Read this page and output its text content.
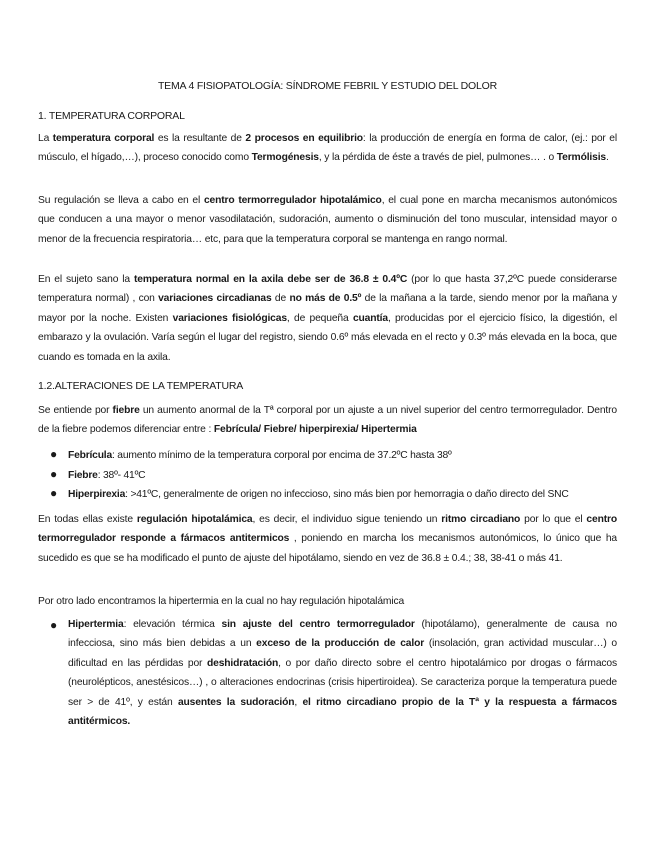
TEMA 4 FISIOPATOLOGÍA: SÍNDROME FEBRIL Y ESTUDIO DEL DOLOR

1. TEMPERATURA CORPORAL

La temperatura corporal es la resultante de 2 procesos en equilibrio: la producción de energía en forma de calor, (ej.: por el músculo, el hígado,…), proceso conocido como Termogénesis, y la pérdida de éste a través de piel, pulmones… . o Termólisis.

Su regulación se lleva a cabo en el centro termorregulador hipotalámico, el cual pone en marcha mecanismos autonómicos que conducen a una mayor o menor vasodilatación, sudoración, aumento o disminución del tono muscular, intensidad mayor o menor de la frecuencia respiratoria… etc, para que la temperatura corporal se mantenga en rango normal.

En el sujeto sano la temperatura normal en la axila debe ser de 36.8 ± 0.4ºC (por lo que hasta 37,2ºC puede considerarse temperatura normal) , con variaciones circadianas de no más de 0.5º de la mañana a la tarde, siendo menor por la mañana y mayor por la noche. Existen variaciones fisiológicas, de pequeña cuantía, producidas por el ejercicio físico, la digestión, el embarazo y la ovulación. Varía según el lugar del registro, siendo 0.6º más elevada en el recto y 0.3º más elevada en la boca, que cuando es tomada en la axila.

1.2.ALTERACIONES DE LA TEMPERATURA

Se entiende por fiebre un aumento anormal de la Tª corporal por un ajuste a un nivel superior del centro termorregulador. Dentro de la fiebre podemos diferenciar entre : Febrícula/ Fiebre/ hiperpirexia/ Hipertermia

● Febrícula: aumento mínimo de la temperatura corporal por encima de 37.2ºC hasta 38º

● Fiebre: 38º- 41ºC

● Hiperpirexia: >41ºC, generalmente de origen no infeccioso, sino más bien por hemorragia o daño directo del SNC

En todas ellas existe regulación hipotalámica, es decir, el individuo sigue teniendo un ritmo circadiano por lo que el centro termorregulador responde a fármacos antitermicos , poniendo en marcha los mecanismos autonómicos, lo único que ha sucedido es que se ha modificado el punto de ajuste del hipotálamo, siendo en vez de 36.8 ± 0.4.; 38, 38-41 o más 41.

Por otro lado encontramos la hipertermia en la cual no hay regulación hipotalámica

● Hipertermia: elevación térmica sin ajuste del centro termorregulador (hipotálamo), generalmente de causa no infecciosa, sino más bien debidas a un exceso de la producción de calor (insolación, gran actividad muscular…) o dificultad en las pérdidas por deshidratación, o por daño directo sobre el centro hipotalámico por drogas o fármacos (neurolépticos, anestésicos…) , o alteraciones endocrinas (crisis hipertiroidea). Se caracteriza porque la temperatura puede ser > de 41º, y están ausentes la sudoración, el ritmo circadiano propio de la Tª y la respuesta a fármacos antitérmicos.
